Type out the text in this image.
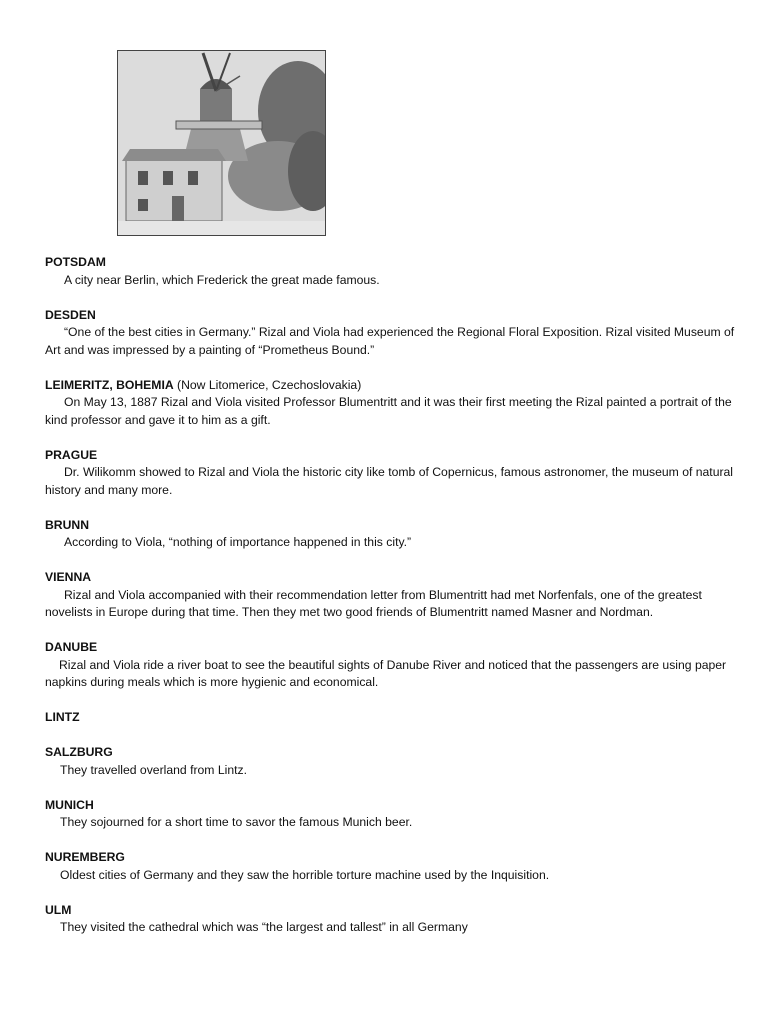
POTSDAM

A city near Berlin, which Frederick the great made famous.

DESDEN

“One of the best cities in Germany.” Rizal and Viola had experienced the Regional Floral Exposition. Rizal visited Museum of Art and was impressed by a painting of “Prometheus Bound.”

LEIMERITZ, BOHEMIA (Now Litomerice, Czechoslovakia)

On May 13, 1887 Rizal and Viola visited Professor Blumentritt and it was their first meeting the Rizal painted a portrait of the kind professor and gave it to him as a gift.

PRAGUE

Dr. Wilikomm showed to Rizal and Viola the historic city like tomb of Copernicus, famous astronomer, the museum of natural history and many more.

BRUNN

According to Viola, “nothing of importance happened in this city.”

VIENNA

Rizal and Viola accompanied with their recommendation letter from Blumentritt had met Norfenfals, one of the greatest novelists in Europe during that time. Then they met two good friends of Blumentritt named Masner and Nordman.

DANUBE

Rizal and Viola ride a river boat to see the beautiful sights of Danube River and noticed that the passengers are using paper napkins during meals which is more hygienic and economical.

LINTZ
SALZBURG

They travelled overland from Lintz.

MUNICH

They sojourned for a short time to savor the famous Munich beer.

NUREMBERG

Oldest cities of Germany and they saw the horrible torture machine used by the Inquisition.

ULM

They visited the cathedral which was “the largest and tallest” in all Germany
